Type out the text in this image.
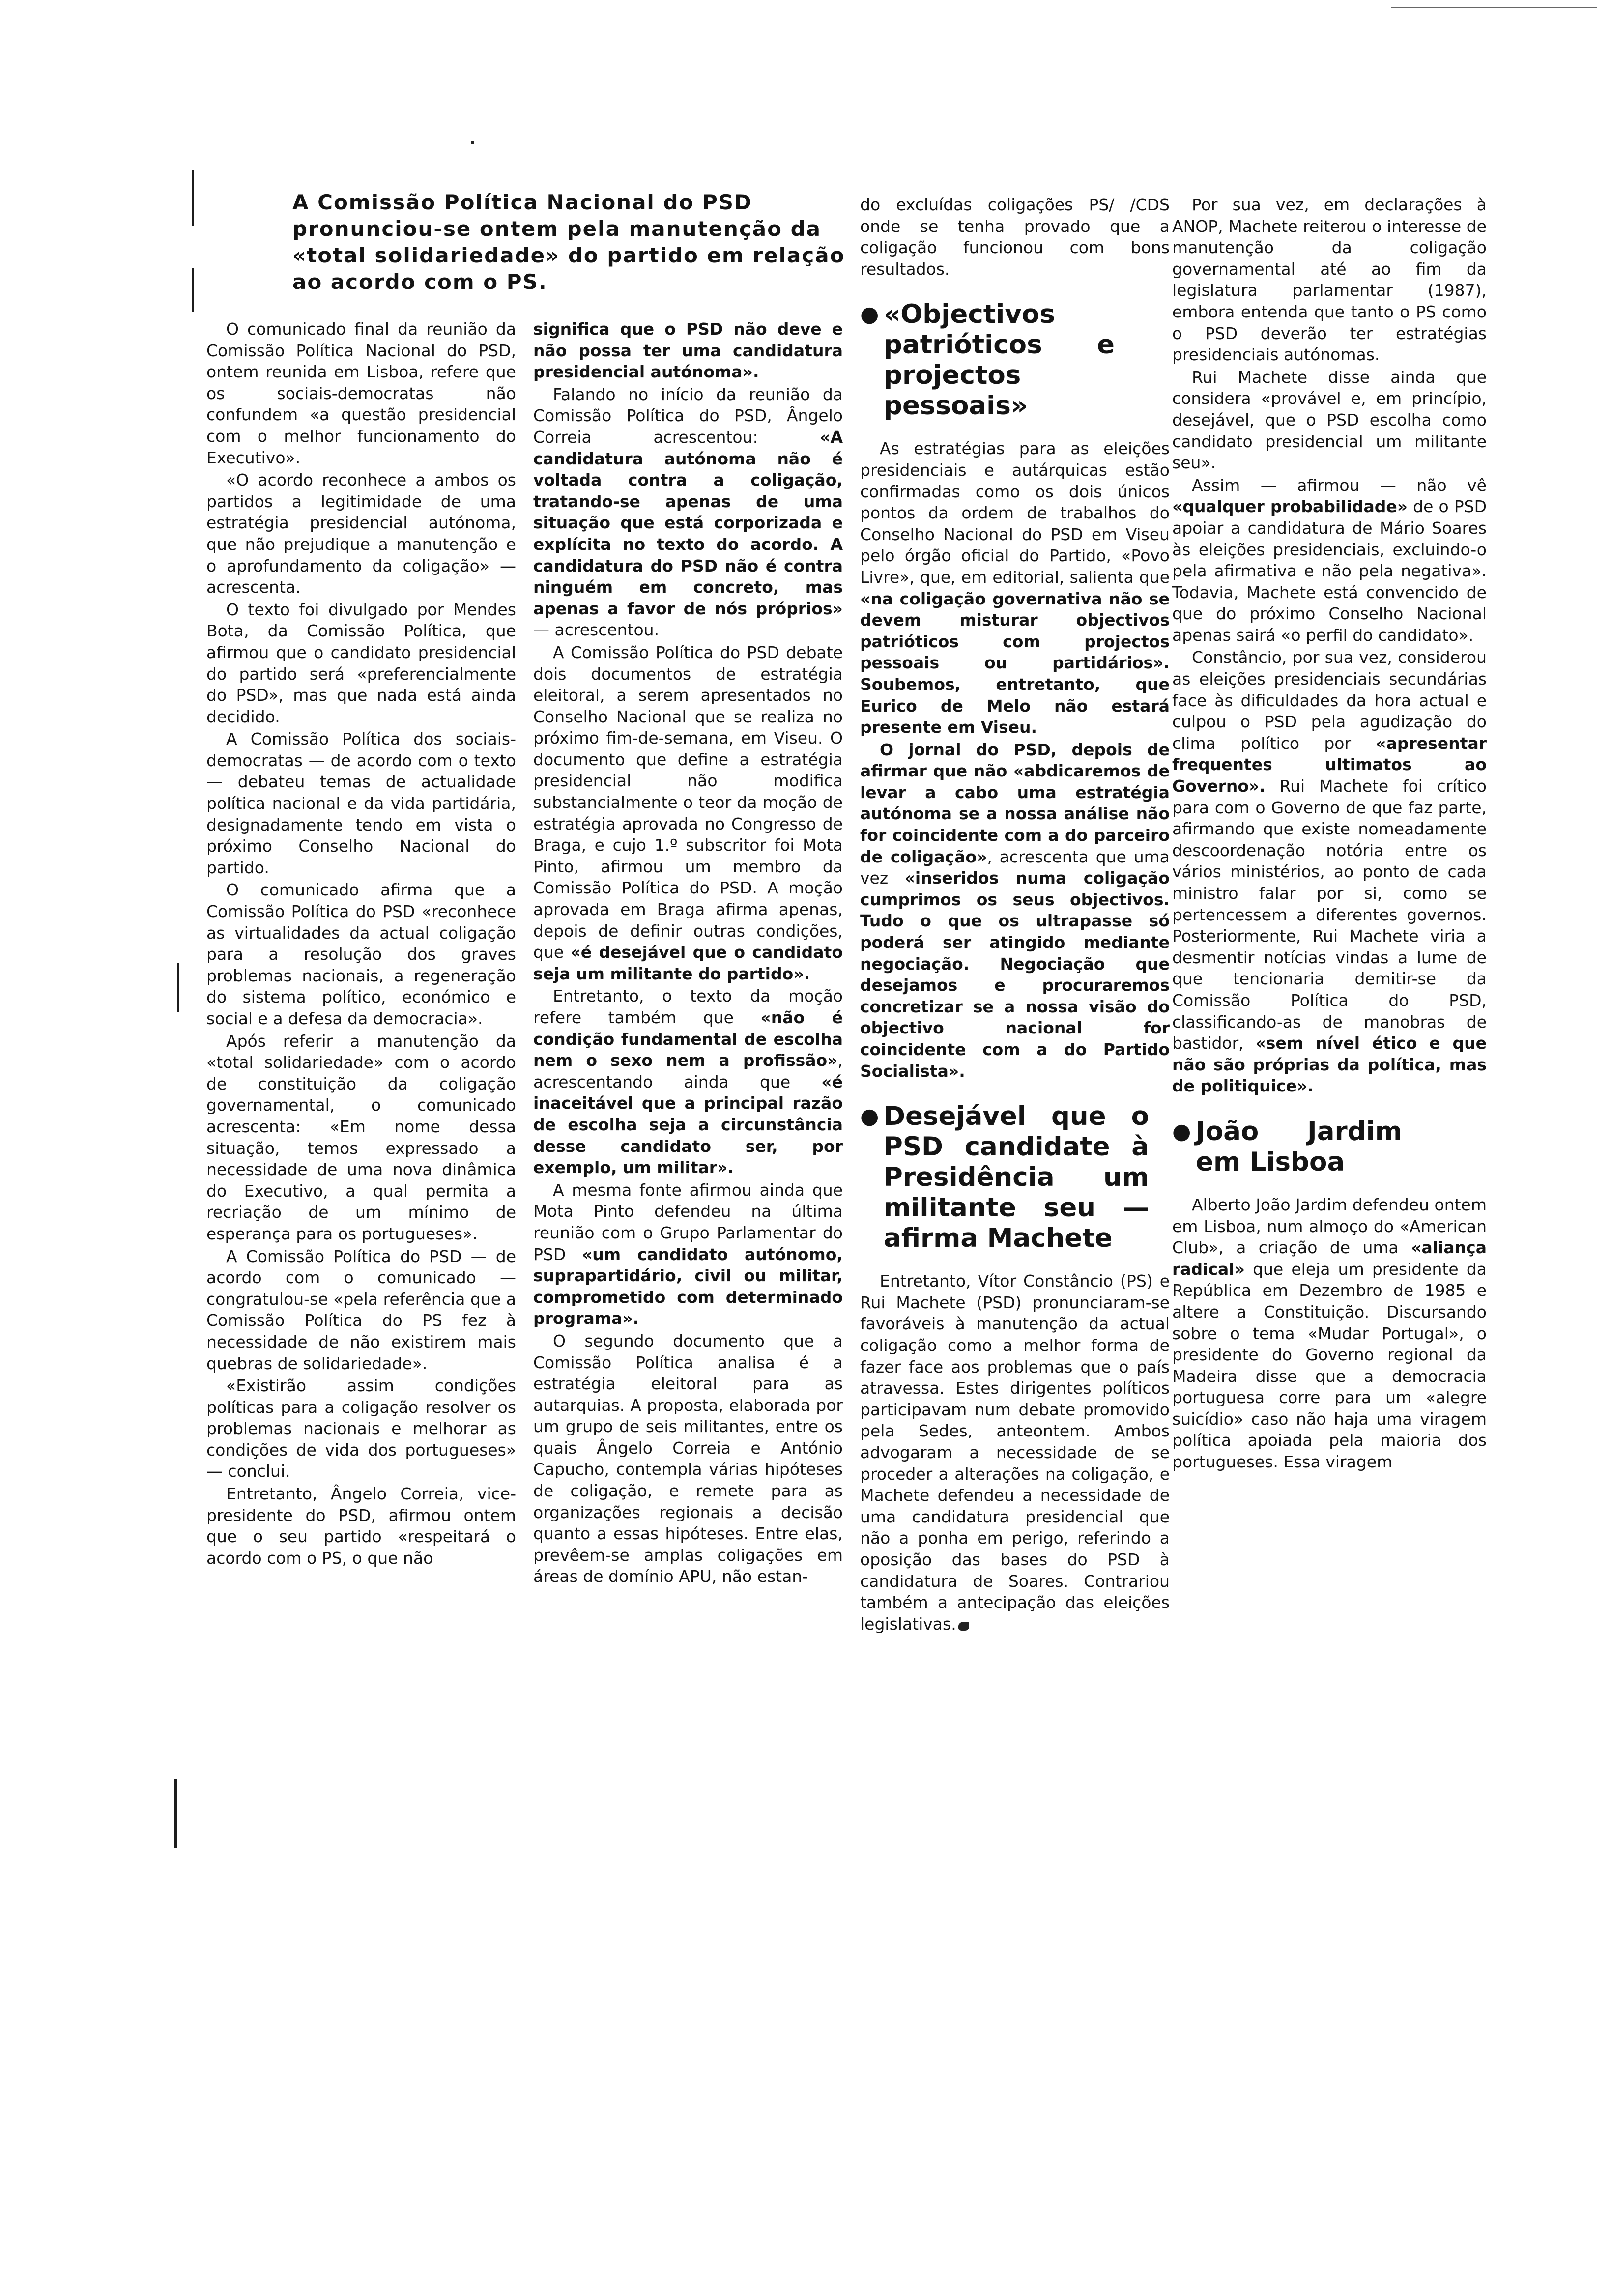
A Comissão Política Nacional do PSD pronunciou-se ontem pela manutenção da «total solidariedade» do partido em relação ao acordo com o PS.

O comunicado final da reunião da Comissão Política Nacional do PSD, ontem reunida em Lisboa, refere que os sociais-democratas não confundem «a questão presidencial com o melhor funcionamento do Executivo».

«O acordo reconhece a ambos os partidos a legitimidade de uma estratégia presidencial autónoma, que não prejudique a manutenção e o aprofundamento da coligação» — acrescenta.

O texto foi divulgado por Mendes Bota, da Comissão Política, que afirmou que o candidato presidencial do partido será «preferencialmente do PSD», mas que nada está ainda decidido.

A Comissão Política dos sociais-democratas — de acordo com o texto — debateu temas de actualidade política nacional e da vida partidária, designadamente tendo em vista o próximo Conselho Nacional do partido.

O comunicado afirma que a Comissão Política do PSD «reconhece as virtualidades da actual coligação para a resolução dos graves problemas nacionais, a regeneração do sistema político, económico e social e a defesa da democracia».

Após referir a manutenção da «total solidariedade» com o acordo de constituição da coligação governamental, o comunicado acrescenta: «Em nome dessa situação, temos expressado a necessidade de uma nova dinâmica do Executivo, a qual permita a recriação de um mínimo de esperança para os portugueses».

A Comissão Política do PSD — de acordo com o comunicado — congratulou-se «pela referência que a Comissão Política do PS fez à necessidade de não existirem mais quebras de solidariedade».

«Existirão assim condições políticas para a coligação resolver os problemas nacionais e melhorar as condições de vida dos portugueses» — conclui.

Entretanto, Ângelo Correia, vice-presidente do PSD, afirmou ontem que o seu partido «respeitará o acordo com o PS, o que não

significa que o PSD não deve e não possa ter uma candidatura presidencial autónoma».

Falando no início da reunião da Comissão Política do PSD, Ângelo Correia acrescentou: «A candidatura autónoma não é voltada contra a coligação, tratando-se apenas de uma situação que está corporizada e explícita no texto do acordo. A candidatura do PSD não é contra ninguém em concreto, mas apenas a favor de nós próprios» — acrescentou.

A Comissão Política do PSD debate dois documentos de estratégia eleitoral, a serem apresentados no Conselho Nacional que se realiza no próximo fim-de-semana, em Viseu. O documento que define a estratégia presidencial não modifica substancialmente o teor da moção de estratégia aprovada no Congresso de Braga, e cujo 1.º subscritor foi Mota Pinto, afirmou um membro da Comissão Política do PSD. A moção aprovada em Braga afirma apenas, depois de definir outras condições, que «é desejável que o candidato seja um militante do partido».

Entretanto, o texto da moção refere também que «não é condição fundamental de escolha nem o sexo nem a profissão», acrescentando ainda que «é inaceitável que a principal razão de escolha seja a circunstância desse candidato ser, por exemplo, um militar».

A mesma fonte afirmou ainda que Mota Pinto defendeu na última reunião com o Grupo Parlamentar do PSD «um candidato autónomo, suprapartidário, civil ou militar, comprometido com determinado programa».

O segundo documento que a Comissão Política analisa é a estratégia eleitoral para as autarquias. A proposta, elaborada por um grupo de seis militantes, entre os quais Ângelo Correia e António Capucho, contempla várias hipóteses de coligação, e remete para as organizações regionais a decisão quanto a essas hipóteses. Entre elas, prevêem-se amplas coligações em áreas de domínio APU, não estan-

do excluídas coligações PS/ /CDS onde se tenha provado que a coligação funcionou com bons resultados.

● «Objectivos patrióticos e projectos pessoais»

As estratégias para as eleições presidenciais e autárquicas estão confirmadas como os dois únicos pontos da ordem de trabalhos do Conselho Nacional do PSD em Viseu pelo órgão oficial do Partido, «Povo Livre», que, em editorial, salienta que «na coligação governativa não se devem misturar objectivos patrióticos com projectos pessoais ou partidários». Soubemos, entretanto, que Eurico de Melo não estará presente em Viseu.

O jornal do PSD, depois de afirmar que não «abdicaremos de levar a cabo uma estratégia autónoma se a nossa análise não for coincidente com a do parceiro de coligação», acrescenta que uma vez «inseridos numa coligação cumprimos os seus objectivos. Tudo o que os ultrapasse só poderá ser atingido mediante negociação. Negociação que desejamos e procuraremos concretizar se a nossa visão do objectivo nacional for coincidente com a do Partido Socialista».

● Desejável que o PSD candidate à Presidência um militante seu — afirma Machete

Entretanto, Vítor Constâncio (PS) e Rui Machete (PSD) pronunciaram-se favoráveis à manutenção da actual coligação como a melhor forma de fazer face aos problemas que o país atravessa. Estes dirigentes políticos participavam num debate promovido pela Sedes, anteontem. Ambos advogaram a necessidade de se proceder a alterações na coligação, e Machete defendeu a necessidade de uma candidatura presidencial que não a ponha em perigo, referindo a oposição das bases do PSD à candidatura de Soares. Contrariou também a antecipação das eleições legislativas.

Por sua vez, em declarações à ANOP, Machete reiterou o interesse de manutenção da coligação governamental até ao fim da legislatura parlamentar (1987), embora entenda que tanto o PS como o PSD deverão ter estratégias presidenciais autónomas.

Rui Machete disse ainda que considera «provável e, em princípio, desejável, que o PSD escolha como candidato presidencial um militante seu».

Assim — afirmou — não vê «qualquer probabilidade» de o PSD apoiar a candidatura de Mário Soares às eleições presidenciais, excluindo-o pela afirmativa e não pela negativa». Todavia, Machete está convencido de que do próximo Conselho Nacional apenas sairá «o perfil do candidato».

Constâncio, por sua vez, considerou as eleições presidenciais secundárias face às dificuldades da hora actual e culpou o PSD pela agudização do clima político por «apresentar frequentes ultimatos ao Governo». Rui Machete foi crítico para com o Governo de que faz parte, afirmando que existe nomeadamente descoordenação notória entre os vários ministérios, ao ponto de cada ministro falar por si, como se pertencessem a diferentes governos. Posteriormente, Rui Machete viria a desmentir notícias vindas a lume de que tencionaria demitir-se da Comissão Política do PSD, classificando-as de manobras de bastidor, «sem nível ético e que não são próprias da política, mas de politiquice».

● João Jardim em Lisboa

Alberto João Jardim defendeu ontem em Lisboa, num almoço do «American Club», a criação de uma «aliança radical» que eleja um presidente da República em Dezembro de 1985 e altere a Constituição. Discursando sobre o tema «Mudar Portugal», o presidente do Governo regional da Madeira disse que a democracia portuguesa corre para um «alegre suicídio» caso não haja uma viragem política apoiada pela maioria dos portugueses. Essa viragem
